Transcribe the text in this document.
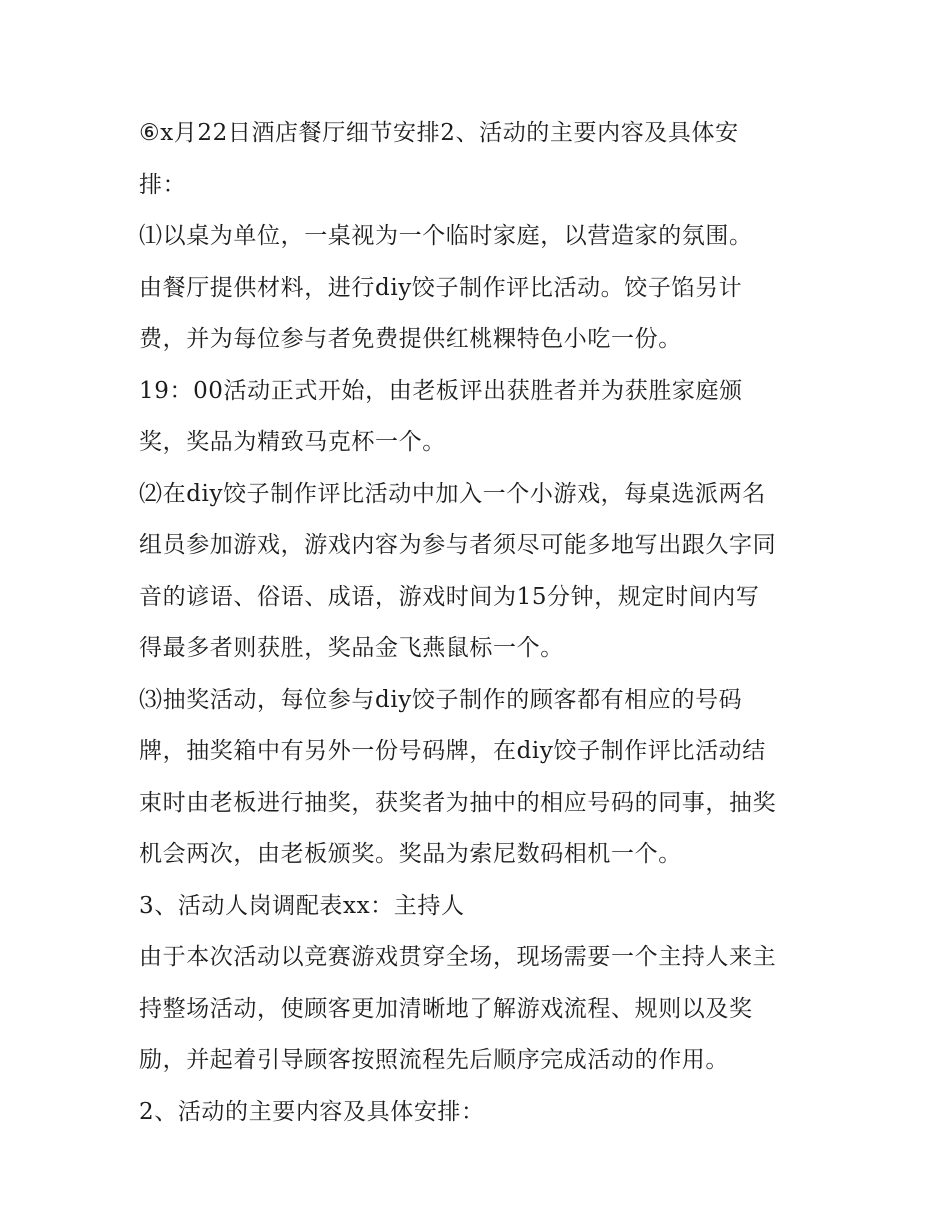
⑥x月22日酒店餐厅细节安排2、活动的主要内容及具体安
排：
⑴以桌为单位，一桌视为一个临时家庭，以营造家的氛围。
由餐厅提供材料，进行diy饺子制作评比活动。饺子馅另计
费，并为每位参与者免费提供红桃粿特色小吃一份。
19：00活动正式开始，由老板评出获胜者并为获胜家庭颁
奖，奖品为精致马克杯一个。
⑵在diy饺子制作评比活动中加入一个小游戏，每桌选派两名
组员参加游戏，游戏内容为参与者须尽可能多地写出跟久字同
音的谚语、俗语、成语，游戏时间为15分钟，规定时间内写
得最多者则获胜，奖品金飞燕鼠标一个。
⑶抽奖活动，每位参与diy饺子制作的顾客都有相应的号码
牌，抽奖箱中有另外一份号码牌，在diy饺子制作评比活动结
束时由老板进行抽奖，获奖者为抽中的相应号码的同事，抽奖
机会两次，由老板颁奖。奖品为索尼数码相机一个。
3、活动人岗调配表xx：主持人
由于本次活动以竞赛游戏贯穿全场，现场需要一个主持人来主
持整场活动，使顾客更加清晰地了解游戏流程、规则以及奖
励，并起着引导顾客按照流程先后顺序完成活动的作用。
2、活动的主要内容及具体安排：
